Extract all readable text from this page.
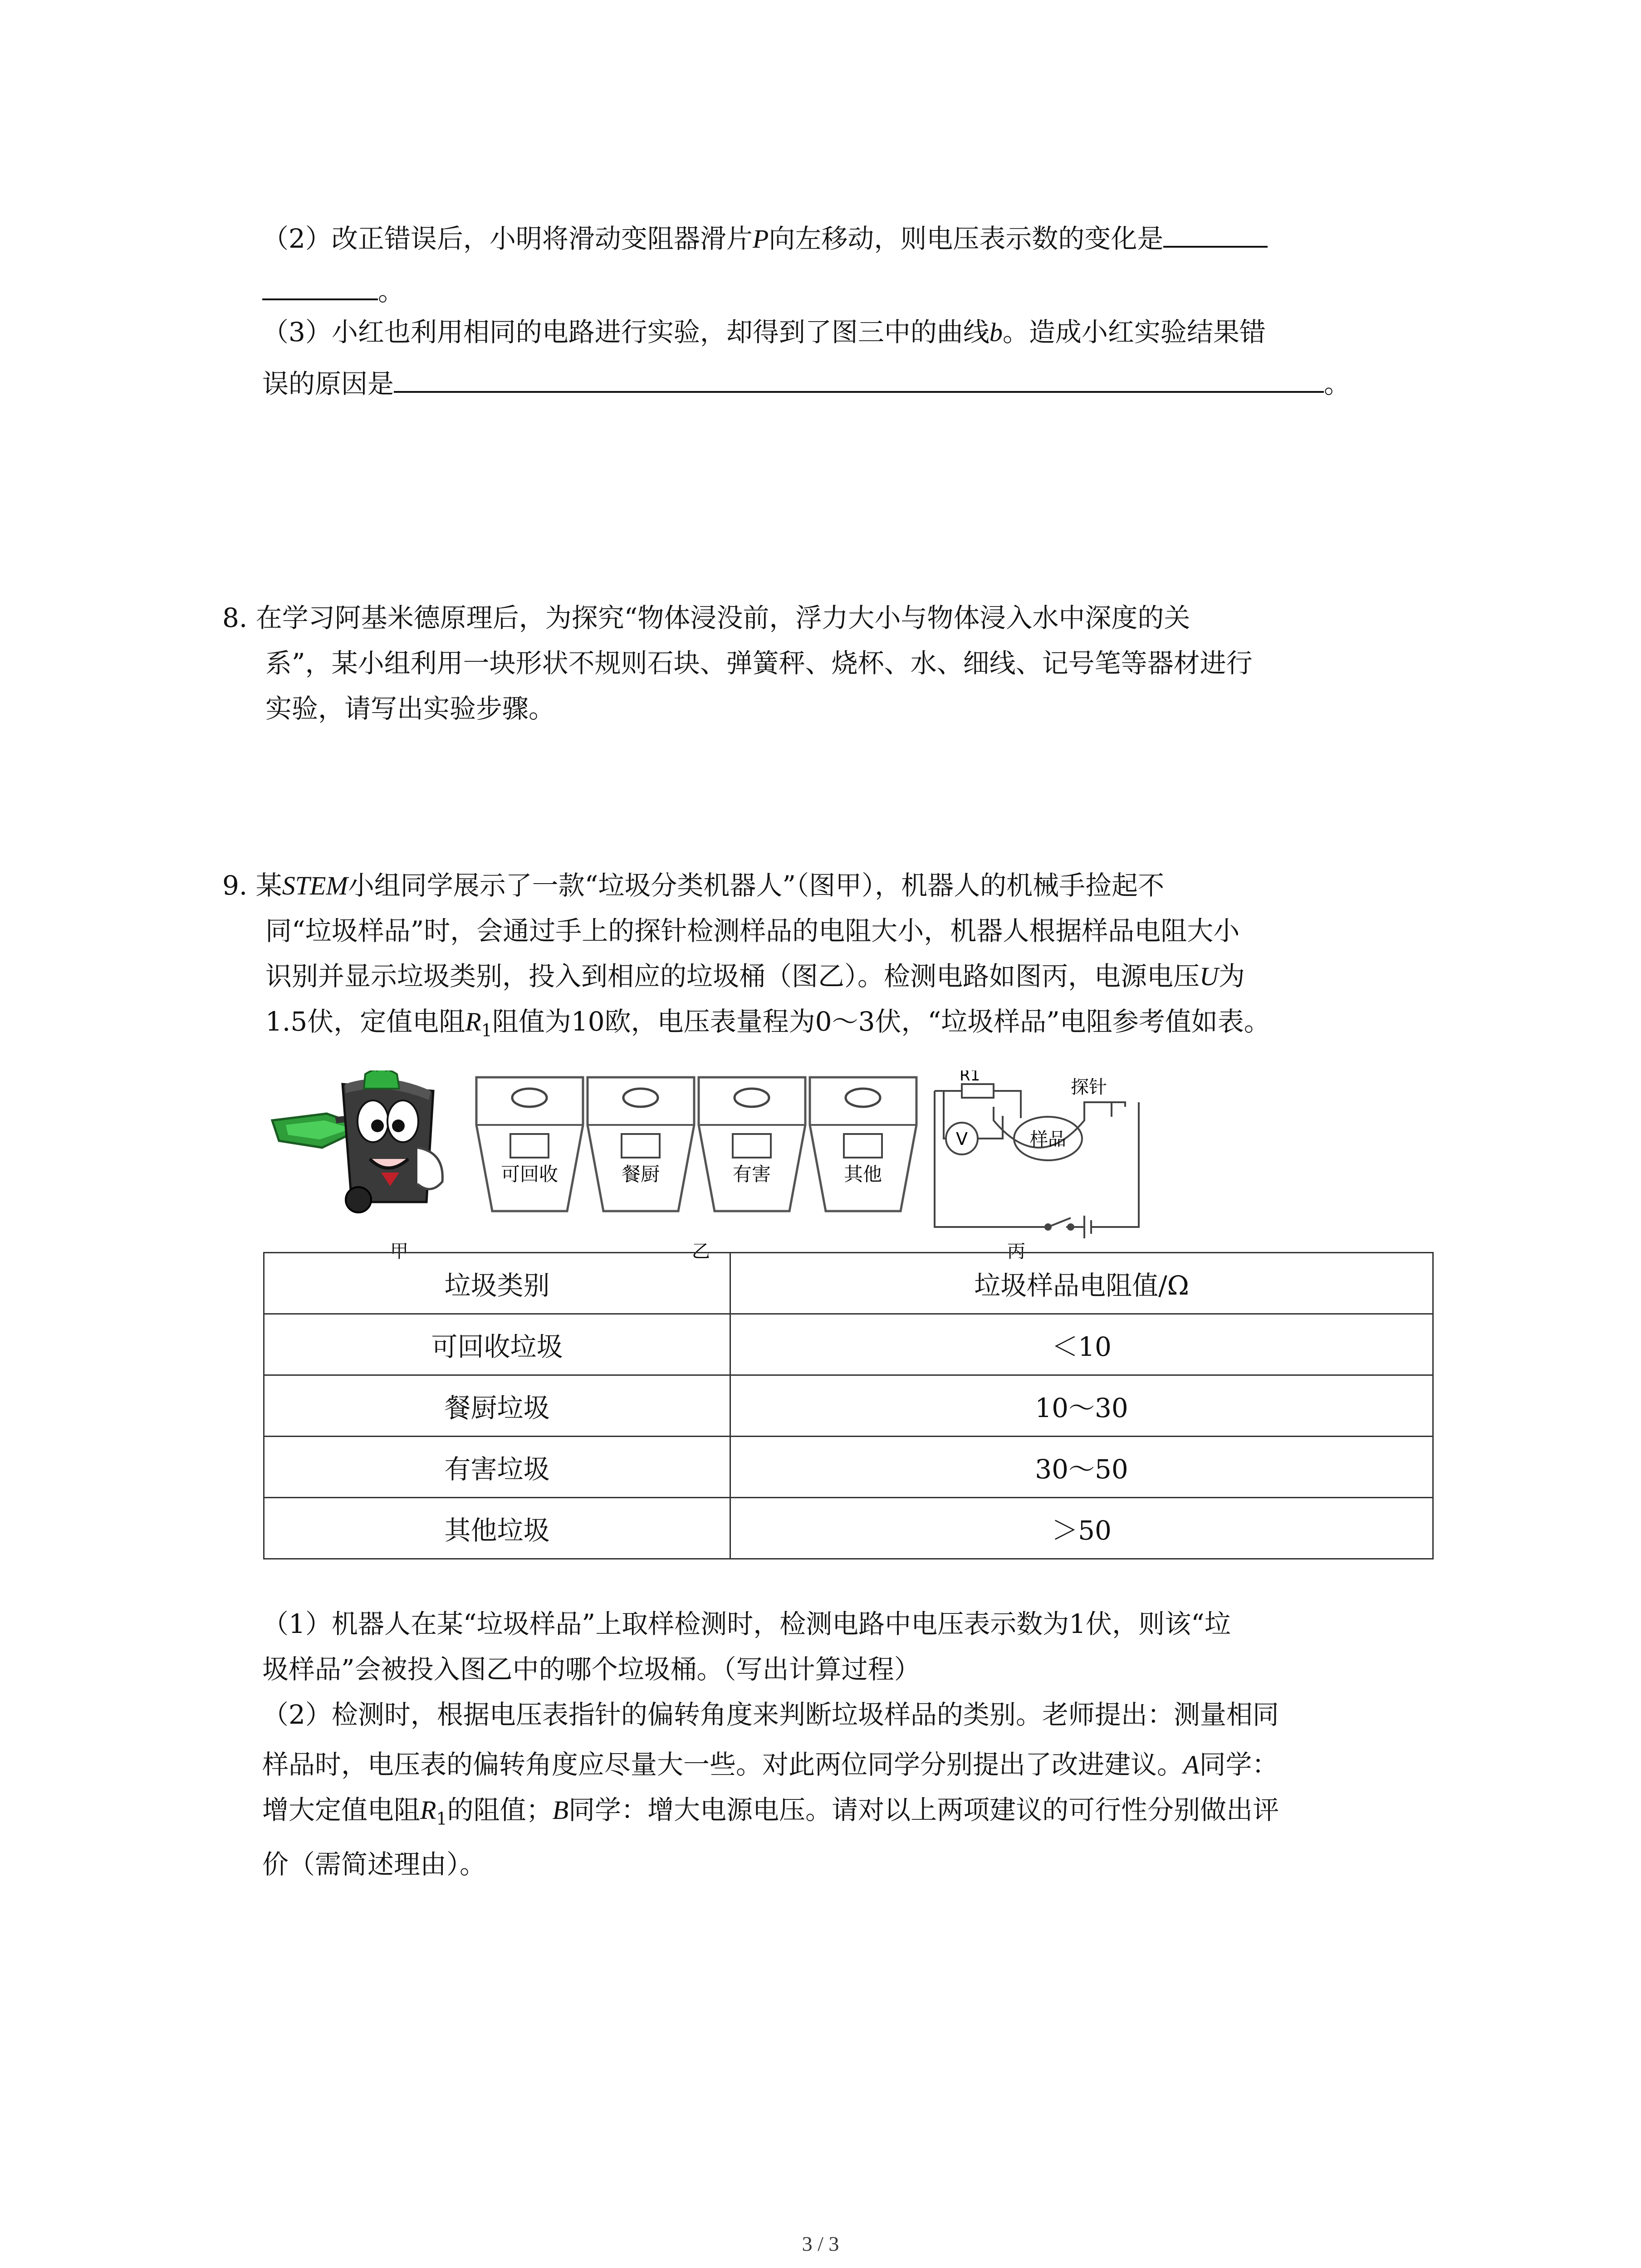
（2）改正错误后，小明将滑动变阻器滑片P向左移动，则电压表示数的变化是
。
（3）小红也利用相同的电路进行实验，却得到了图三中的曲线b。造成小红实验结果错
误的原因是	。
8. 在学习阿基米德原理后，为探究“物体浸没前，浮力大小与物体浸入水中深度的关
系”，某小组利用一块形状不规则石块、弹簧秤、烧杯、水、细线、记号笔等器材进行
实验，请写出实验步骤。
9. 某STEM小组同学展示了一款“垃圾分类机器人”（图甲），机器人的机械手捡起不
同“垃圾样品”时，会通过手上的探针检测样品的电阻大小，机器人根据样品电阻大小
识别并显示垃圾类别，投入到相应的垃圾桶（图乙）。检测电路如图丙，电源电压U为
1.5伏，定值电阻$R_1$阻值为10欧，电压表量程为0～3伏，“垃圾样品”电阻参考值如表。
可回收	餐厨	有害	其他
R1
探针
样品
V
甲	乙	丙
垃圾类别	垃圾样品电阻值/Ω
可回收垃圾	＜10
餐厨垃圾	10～30
有害垃圾	30～50
其他垃圾	＞50
（1）机器人在某“垃圾样品”上取样检测时，检测电路中电压表示数为1伏，则该“垃
圾样品”会被投入图乙中的哪个垃圾桶。（写出计算过程）
（2）检测时，根据电压表指针的偏转角度来判断垃圾样品的类别。老师提出：测量相同
样品时，电压表的偏转角度应尽量大一些。对此两位同学分别提出了改进建议。A同学：
增大定值电阻$R_1$的阻值；B同学：增大电源电压。请对以上两项建议的可行性分别做出评
价（需简述理由）。
3 / 3
